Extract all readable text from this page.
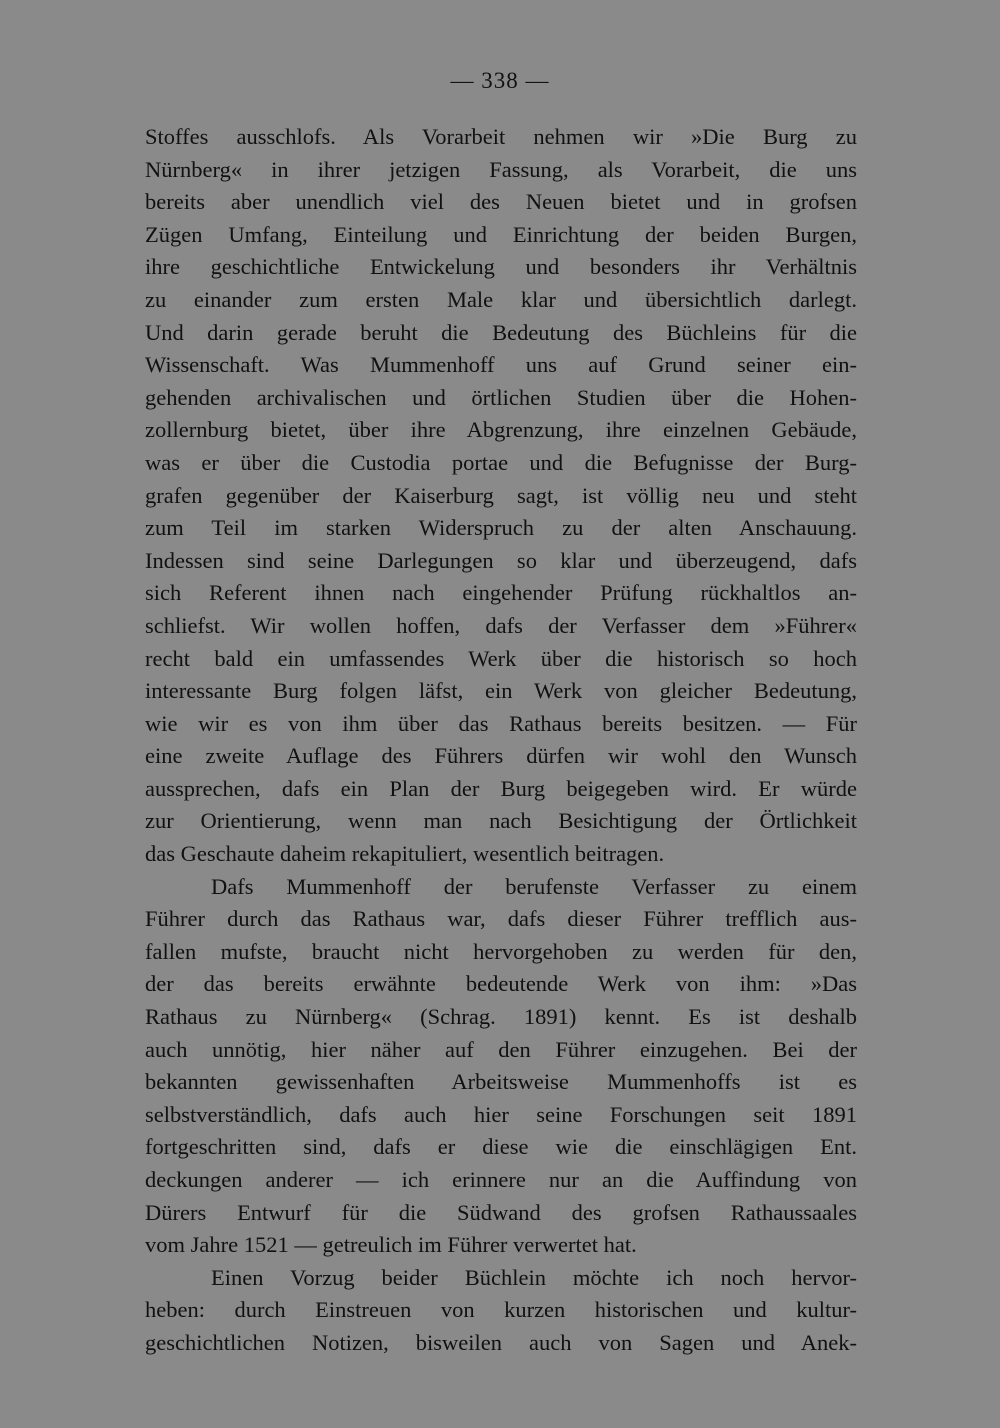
— 338 —
Stoffes ausschlofs. Als Vorarbeit nehmen wir »Die Burg zu
Nürnberg« in ihrer jetzigen Fassung, als Vorarbeit, die uns
bereits aber unendlich viel des Neuen bietet und in grofsen
Zügen Umfang, Einteilung und Einrichtung der beiden Burgen,
ihre geschichtliche Entwickelung und besonders ihr Verhältnis
zu einander zum ersten Male klar und übersichtlich darlegt.
Und darin gerade beruht die Bedeutung des Büchleins für die
Wissenschaft. Was Mummenhoff uns auf Grund seiner ein-
gehenden archivalischen und örtlichen Studien über die Hohen-
zollernburg bietet, über ihre Abgrenzung, ihre einzelnen Gebäude,
was er über die Custodia portae und die Befugnisse der Burg-
grafen gegenüber der Kaiserburg sagt, ist völlig neu und steht
zum Teil im starken Widerspruch zu der alten Anschauung.
Indessen sind seine Darlegungen so klar und überzeugend, dafs
sich Referent ihnen nach eingehender Prüfung rückhaltlos an-
schliefst. Wir wollen hoffen, dafs der Verfasser dem »Führer«
recht bald ein umfassendes Werk über die historisch so hoch
interessante Burg folgen läfst, ein Werk von gleicher Bedeutung,
wie wir es von ihm über das Rathaus bereits besitzen. — Für
eine zweite Auflage des Führers dürfen wir wohl den Wunsch
aussprechen, dafs ein Plan der Burg beigegeben wird. Er würde
zur Orientierung, wenn man nach Besichtigung der Örtlichkeit
das Geschaute daheim rekapituliert, wesentlich beitragen.
Dafs Mummenhoff der berufenste Verfasser zu einem
Führer durch das Rathaus war, dafs dieser Führer trefflich aus-
fallen mufste, braucht nicht hervorgehoben zu werden für den,
der das bereits erwähnte bedeutende Werk von ihm: »Das
Rathaus zu Nürnberg« (Schrag. 1891) kennt. Es ist deshalb
auch unnötig, hier näher auf den Führer einzugehen. Bei der
bekannten gewissenhaften Arbeitsweise Mummenhoffs ist es
selbstverständlich, dafs auch hier seine Forschungen seit 1891
fortgeschritten sind, dafs er diese wie die einschlägigen Ent.
deckungen anderer — ich erinnere nur an die Auffindung von
Dürers Entwurf für die Südwand des grofsen Rathaussaales
vom Jahre 1521 — getreulich im Führer verwertet hat.
Einen Vorzug beider Büchlein möchte ich noch hervor-
heben: durch Einstreuen von kurzen historischen und kultur-
geschichtlichen Notizen, bisweilen auch von Sagen und Anek-
